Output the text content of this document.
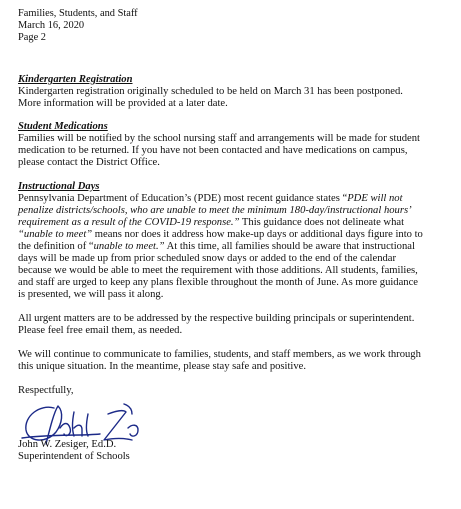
Families, Students, and Staff
March 16, 2020
Page 2
Kindergarten Registration
Kindergarten registration originally scheduled to be held on March 31 has been postponed.
More information will be provided at a later date.
Student Medications
Families will be notified by the school nursing staff and arrangements will be made for student
medication to be returned. If you have not been contacted and have medications on campus,
please contact the District Office.
Instructional Days
Pennsylvania Department of Education’s (PDE) most recent guidance states “PDE will not
penalize districts/schools, who are unable to meet the minimum 180-day/instructional hours’
requirement as a result of the COVID-19 response.” This guidance does not delineate what
“unable to meet” means nor does it address how make-up days or additional days figure into to
the definition of “unable to meet.” At this time, all families should be aware that instructional
days will be made up from prior scheduled snow days or added to the end of the calendar
because we would be able to meet the requirement with those additions. All students, families,
and staff are urged to keep any plans flexible throughout the month of June. As more guidance
is presented, we will pass it along.
All urgent matters are to be addressed by the respective building principals or superintendent.
Please feel free email them, as needed.
We will continue to communicate to families, students, and staff members, as we work through
this unique situation. In the meantime, please stay safe and positive.
Respectfully,
John W. Zesiger, Ed.D.
Superintendent of Schools
